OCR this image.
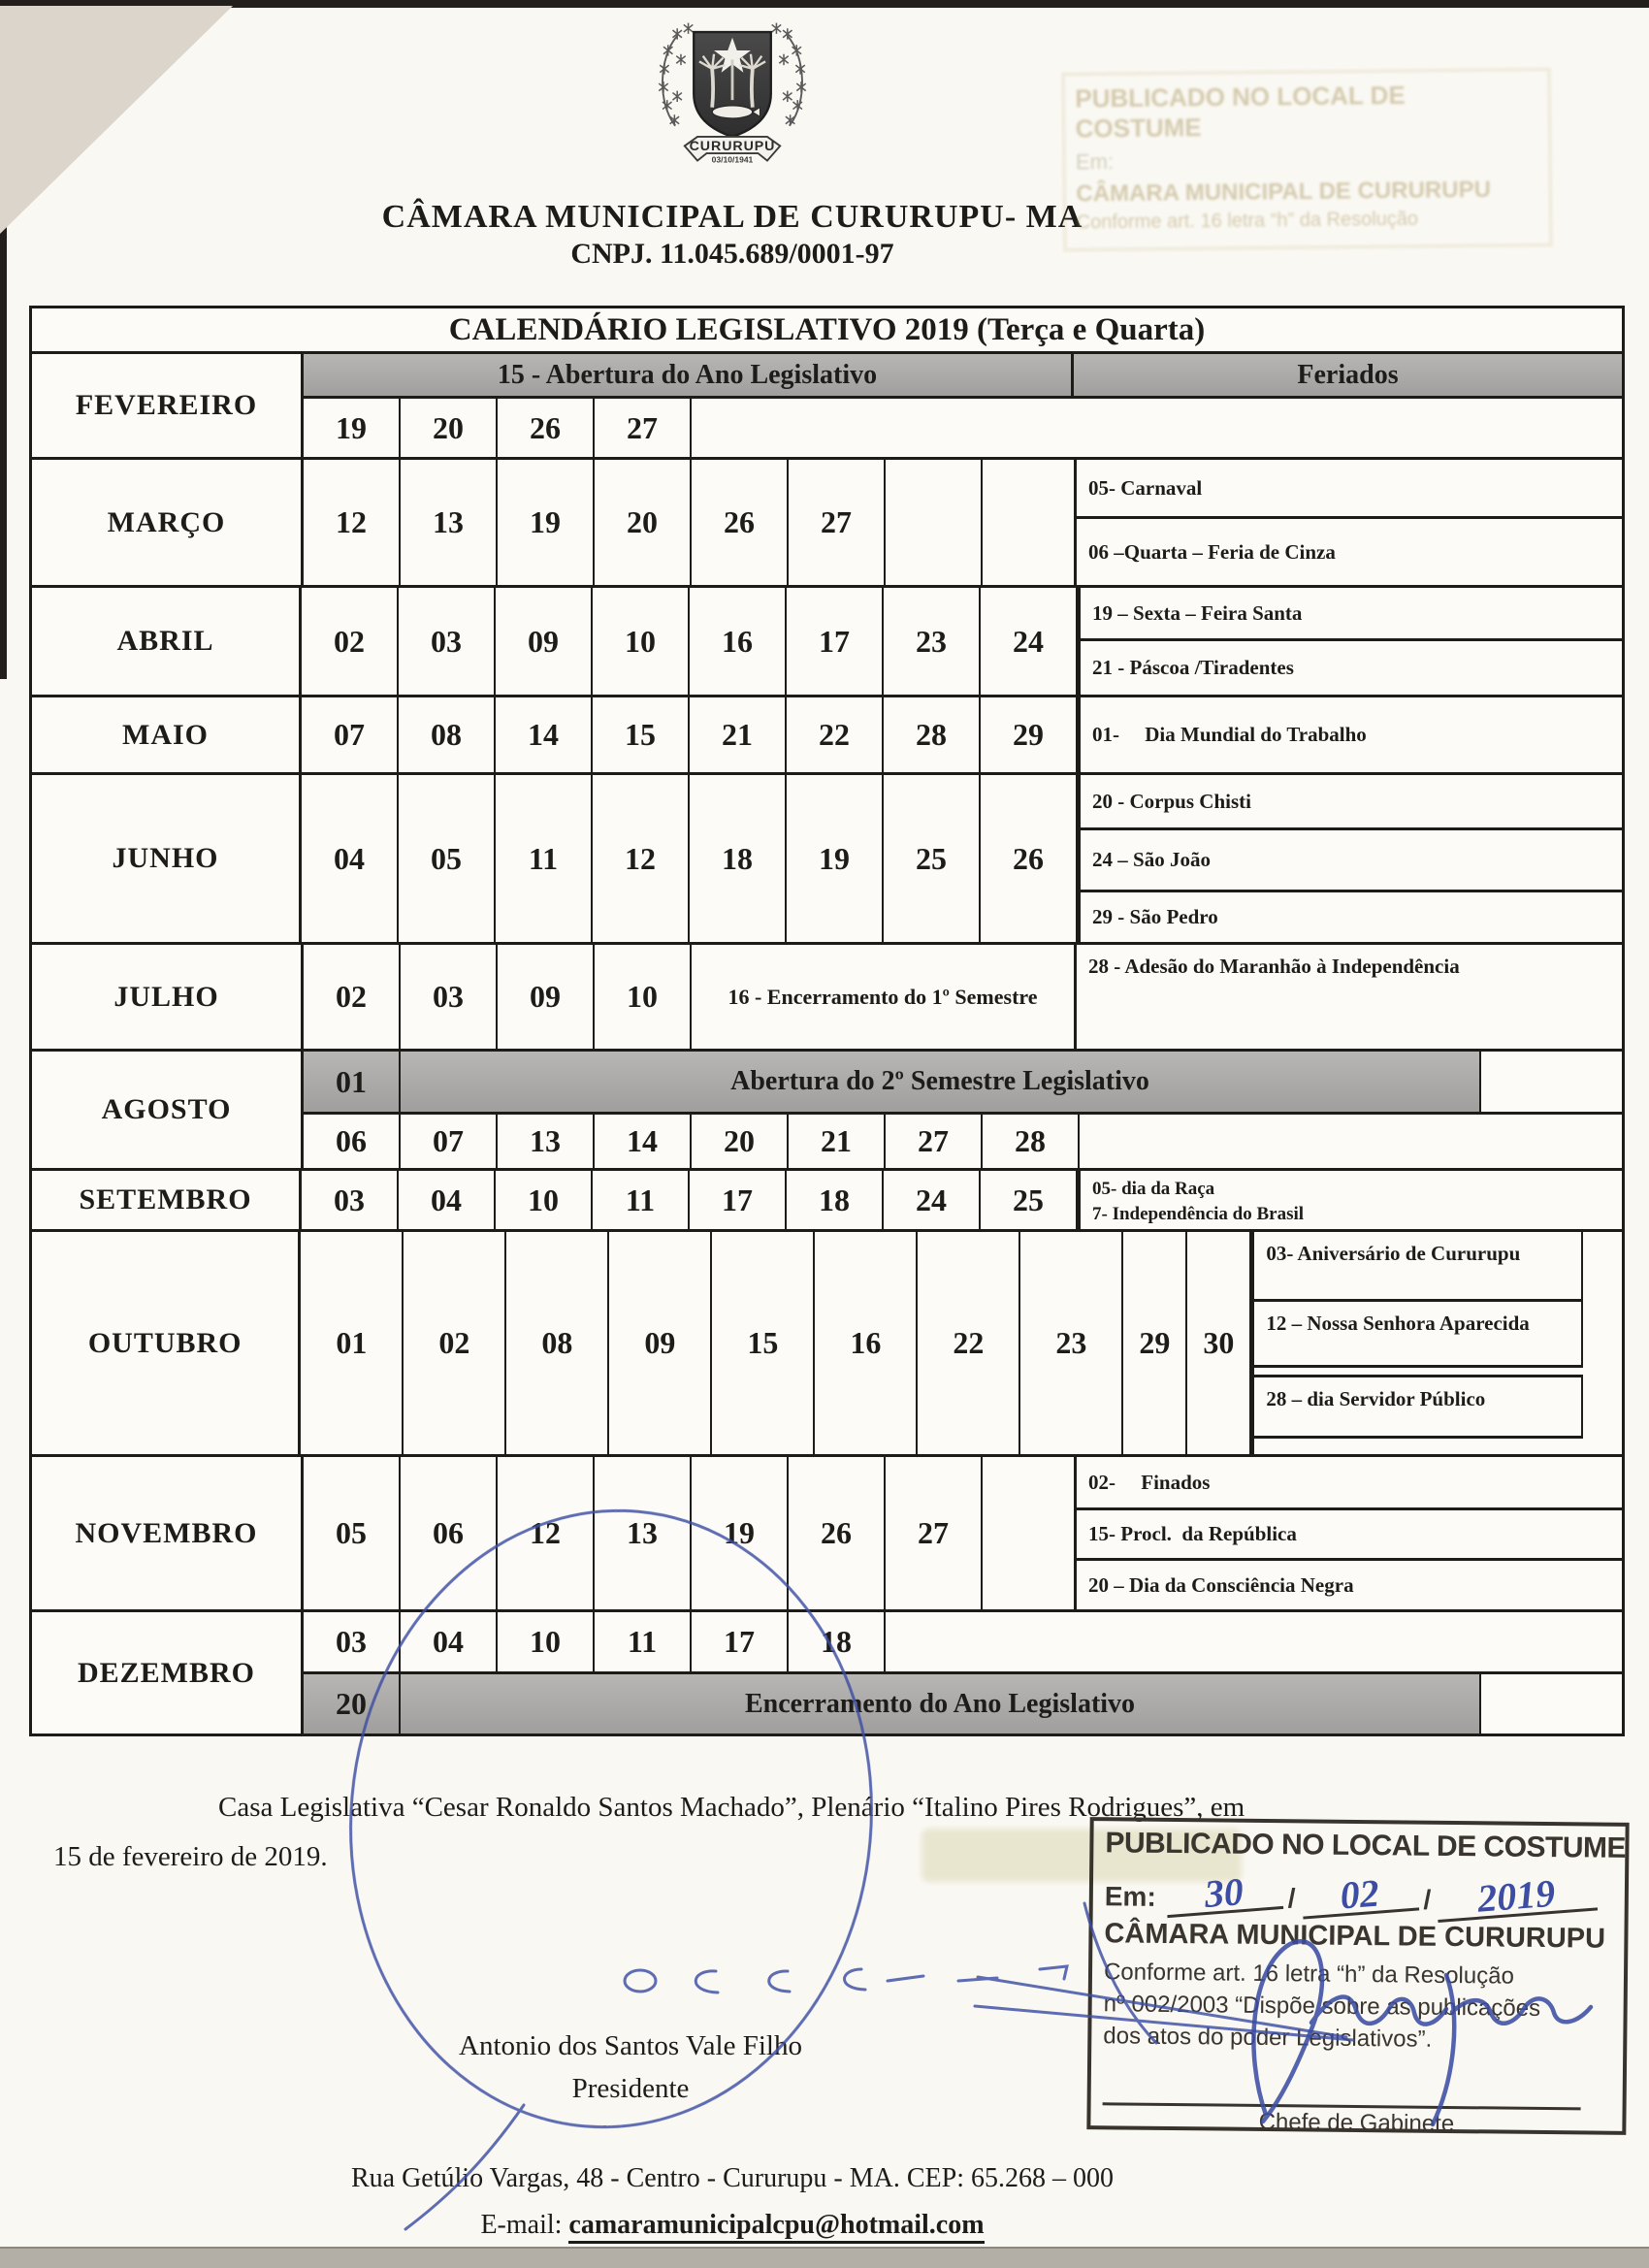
CURURUPU
03/10/1941
CÂMARA MUNICIPAL DE CURURUPU- MA
CNPJ. 11.045.689/0001-97
PUBLICADO NO LOCAL DE COSTUME
Em:
CÂMARA MUNICIPAL DE CURURUPU
Conforme art. 16 letra “h” da Resolução
CALENDÁRIO LEGISLATIVO 2019 (Terça e Quarta)
FEVEREIRO
15 - Abertura do Ano Legislativo	Feriados
19	20	26	27
MARÇO	12	13	19	20	26	27
05- Carnaval
06 –Quarta – Feria de Cinza
ABRIL	02	03	09	10	16	17	23	24
19 – Sexta – Feira Santa
21 - Páscoa /Tiradentes
MAIO	07	08	14	15	21	22	28	29	01-     Dia Mundial do Trabalho
JUNHO	04	05	11	12	18	19	25	26
20 - Corpus Chisti
24 – São João
29 - São Pedro
JULHO	02	03	09	10	16 - Encerramento do 1º Semestre
28 - Adesão do Maranhão à Independência
AGOSTO
01	Abertura do 2º Semestre Legislativo
06	07	13	14	20	21	27	28
SETEMBRO	03	04	10	11	17	18	24	25	05- dia da Raça
7- Independência do Brasil
OUTUBRO	01	02	08	09	15	16	22	23	29	30
03- Aniversário de Cururupu
12 – Nossa Senhora Aparecida
28 – dia Servidor Público
NOVEMBRO	05	06	12	13	19	26	27
02-     Finados
15- Procl.  da República
20 – Dia da Consciência Negra
DEZEMBRO
03	04	10	11	17	18
20	Encerramento do Ano Legislativo
Casa Legislativa “Cesar Ronaldo Santos Machado”, Plenário “Italino Pires Rodrigues”, em
15 de fevereiro de 2019.
Antonio dos Santos Vale Filho
Presidente
PUBLICADO NO LOCAL DE COSTUME
Em:	30	/	02	/	2019
CÂMARA MUNICIPAL DE CURURUPU
Conforme art. 16 letra “h” da Resolução
nº 002/2003 “Dispõe sobre as publicações
dos atos do poder Legislativos”.
Chefe de Gabinete
Rua Getúlio Vargas, 48 - Centro - Cururupu - MA. CEP: 65.268 – 000
E-mail: camaramunicipalcpu@hotmail.com
